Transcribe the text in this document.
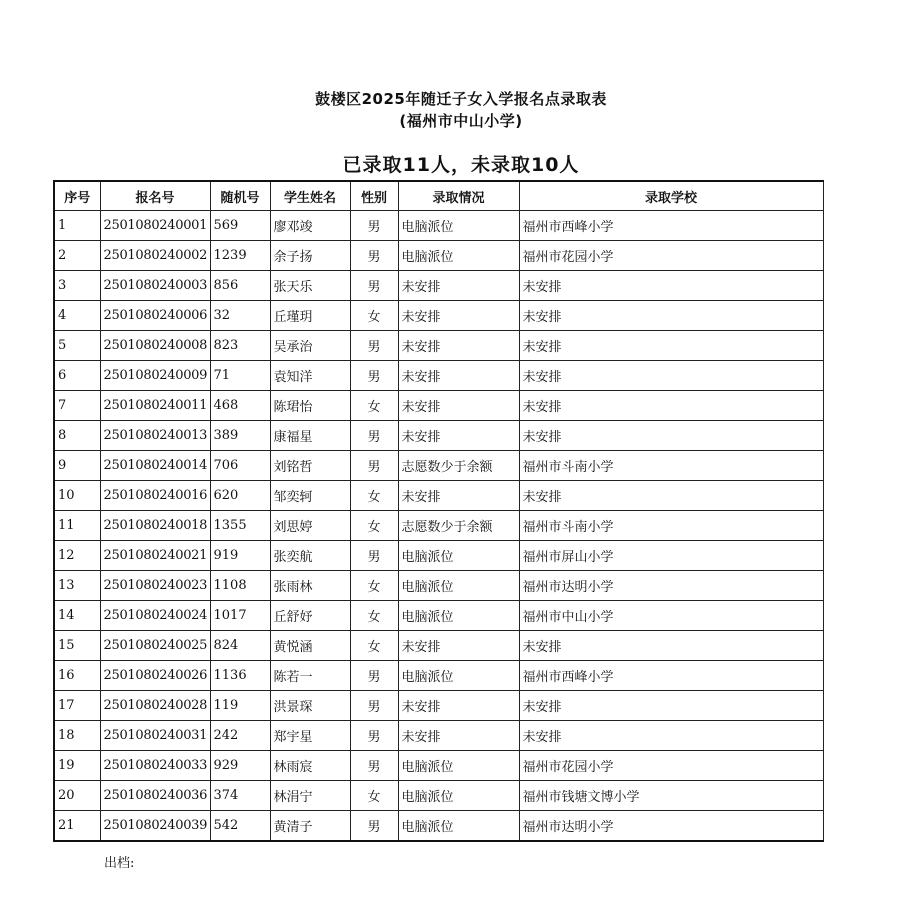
鼓楼区2025年随迁子女入学报名点录取表
(福州市中山小学)
已录取11人，未录取10人
序号	报名号	随机号	学生姓名	性别	录取情况	录取学校
1	2501080240001	569	廖邓竣	男	电脑派位	福州市西峰小学
2	2501080240002	1239	余子扬	男	电脑派位	福州市花园小学
3	2501080240003	856	张天乐	男	未安排	未安排
4	2501080240006	32	丘瑾玥	女	未安排	未安排
5	2501080240008	823	吴承治	男	未安排	未安排
6	2501080240009	71	袁知洋	男	未安排	未安排
7	2501080240011	468	陈珺怡	女	未安排	未安排
8	2501080240013	389	康福星	男	未安排	未安排
9	2501080240014	706	刘铭哲	男	志愿数少于余额	福州市斗南小学
10	2501080240016	620	邹奕轲	女	未安排	未安排
11	2501080240018	1355	刘思婷	女	志愿数少于余额	福州市斗南小学
12	2501080240021	919	张奕航	男	电脑派位	福州市屏山小学
13	2501080240023	1108	张雨林	女	电脑派位	福州市达明小学
14	2501080240024	1017	丘舒妤	女	电脑派位	福州市中山小学
15	2501080240025	824	黄悦涵	女	未安排	未安排
16	2501080240026	1136	陈若一	男	电脑派位	福州市西峰小学
17	2501080240028	119	洪景琛	男	未安排	未安排
18	2501080240031	242	郑宇星	男	未安排	未安排
19	2501080240033	929	林雨宸	男	电脑派位	福州市花园小学
20	2501080240036	374	林涓宁	女	电脑派位	福州市钱塘文博小学
21	2501080240039	542	黄清子	男	电脑派位	福州市达明小学
出档:
